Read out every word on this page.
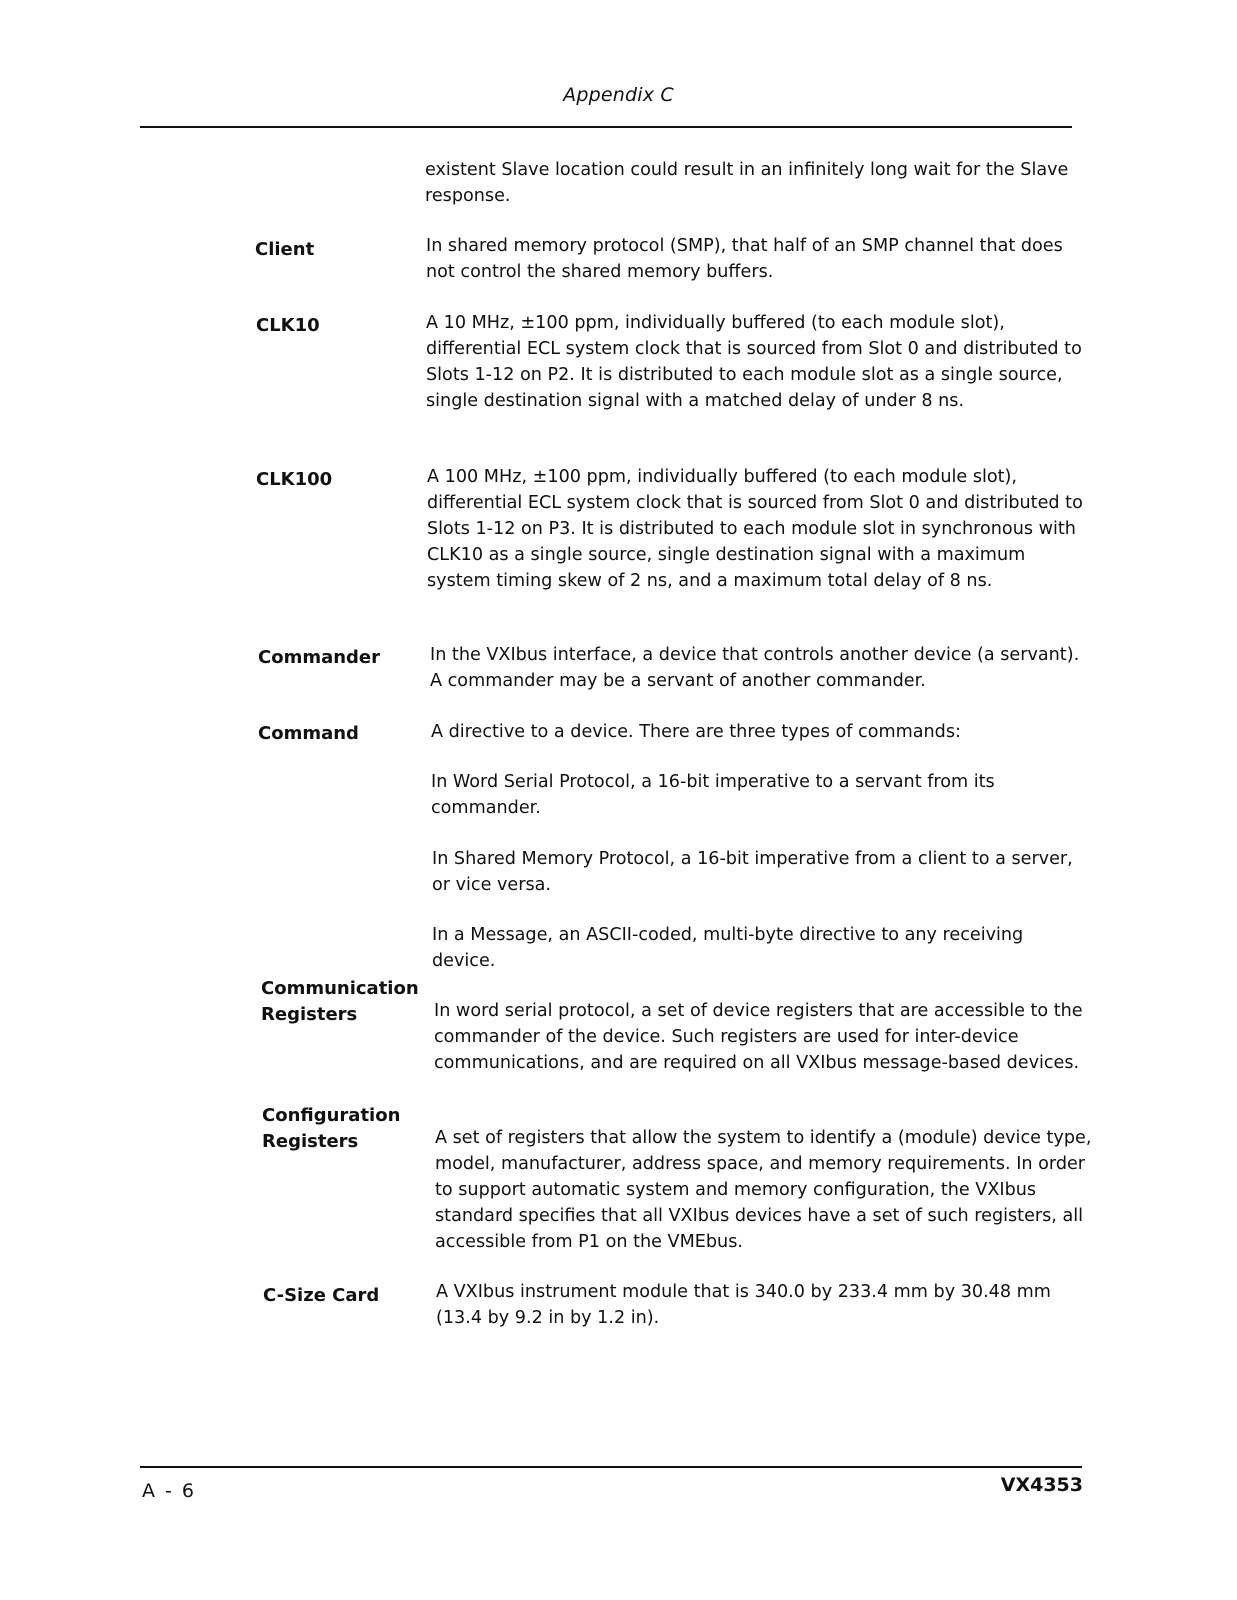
Appendix C
existent Slave location could result in an infinitely long wait for the Slave response.
Client	In shared memory protocol (SMP), that half of an SMP channel that does not control the shared memory buffers.
CLK10	A 10 MHz, ±100 ppm, individually buffered (to each module slot), differential ECL system clock that is sourced from Slot 0 and distributed to Slots 1-12 on P2. It is distributed to each module slot as a single source, single destination signal with a matched delay of under 8 ns.
CLK100	A 100 MHz, ±100 ppm, individually buffered (to each module slot), differential ECL system clock that is sourced from Slot 0 and distributed to Slots 1-12 on P3. It is distributed to each module slot in synchronous with CLK10 as a single source, single destination signal with a maximum system timing skew of 2 ns, and a maximum total delay of 8 ns.
Commander	In the VXIbus interface, a device that controls another device (a servant). A commander may be a servant of another commander.
Command	A directive to a device. There are three types of commands:
In Word Serial Protocol, a 16-bit imperative to a servant from its commander.
In Shared Memory Protocol, a 16-bit imperative from a client to a server, or vice versa.
In a Message, an ASCII-coded, multi-byte directive to any receiving device.
Communication
Registers	In word serial protocol, a set of device registers that are accessible to the commander of the device. Such registers are used for inter-device communications, and are required on all VXIbus message-based devices.
Configuration
Registers	A set of registers that allow the system to identify a (module) device type, model, manufacturer, address space, and memory requirements. In order to support automatic system and memory configuration, the VXIbus standard specifies that all VXIbus devices have a set of such registers, all accessible from P1 on the VMEbus.
C-Size Card	A VXIbus instrument module that is 340.0 by 233.4 mm by 30.48 mm (13.4 by 9.2 in by 1.2 in).
A - 6	VX4353
